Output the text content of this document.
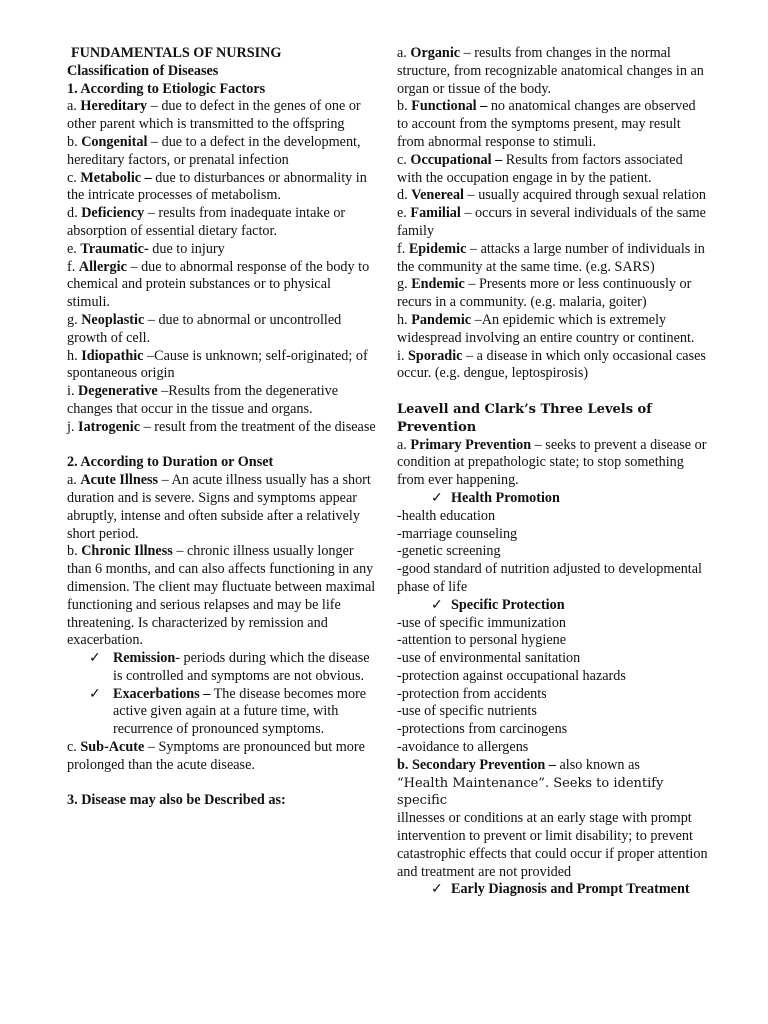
FUNDAMENTALS OF NURSING

Classification of Diseases

1. According to Etiologic Factors

a. Hereditary – due to defect in the genes of one or other parent which is transmitted to the offspring

b. Congenital – due to a defect in the development, hereditary factors, or prenatal infection

c. Metabolic – due to disturbances or abnormality in the intricate processes of metabolism.

d. Deficiency – results from inadequate intake or absorption of essential dietary factor.

e. Traumatic- due to injury

f. Allergic – due to abnormal response of the body to chemical and protein substances or to physical stimuli.

g. Neoplastic – due to abnormal or uncontrolled growth of cell.

h. Idiopathic –Cause is unknown; self-originated; of spontaneous origin

i. Degenerative –Results from the degenerative changes that occur in the tissue and organs.

j. Iatrogenic – result from the treatment of the disease

2. According to Duration or Onset

a. Acute Illness – An acute illness usually has a short duration and is severe. Signs and symptoms appear abruptly, intense and often subside after a relatively short period.

b. Chronic Illness – chronic illness usually longer than 6 months, and can also affects functioning in any dimension. The client may fluctuate between maximal functioning and serious relapses and may be life threatening. Is characterized by remission and exacerbation.

✓ Remission- periods during which the disease is controlled and symptoms are not obvious.
✓ Exacerbations – The disease becomes more active given again at a future time, with recurrence of pronounced symptoms.

c. Sub-Acute – Symptoms are pronounced but more prolonged than the acute disease.

3. Disease may also be Described as:

a. Organic – results from changes in the normal structure, from recognizable anatomical changes in an organ or tissue of the body.

b. Functional – no anatomical changes are observed to account from the symptoms present, may result from abnormal response to stimuli.

c. Occupational – Results from factors associated with the occupation engage in by the patient.

d. Venereal – usually acquired through sexual relation

e. Familial – occurs in several individuals of the same family

f. Epidemic – attacks a large number of individuals in the community at the same time. (e.g. SARS)

g. Endemic – Presents more or less continuously or recurs in a community. (e.g. malaria, goiter)

h. Pandemic –An epidemic which is extremely widespread involving an entire country or continent.

i. Sporadic – a disease in which only occasional cases occur. (e.g. dengue, leptospirosis)

Leavell and Clark’s Three Levels of Prevention

a. Primary Prevention – seeks to prevent a disease or condition at prepathologic state; to stop something from ever happening.

✓ Health Promotion

-health education

-marriage counseling

-genetic screening

-good standard of nutrition adjusted to developmental phase of life

✓ Specific Protection

-use of specific immunization

-attention to personal hygiene

-use of environmental sanitation

-protection against occupational hazards

-protection from accidents

-use of specific nutrients

-protections from carcinogens

-avoidance to allergens

b. Secondary Prevention – also known as

“Health Maintenance”. Seeks to identify specific

illnesses or conditions at an early stage with prompt intervention to prevent or limit disability; to prevent catastrophic effects that could occur if proper attention and treatment are not provided

✓ Early Diagnosis and Prompt Treatment
